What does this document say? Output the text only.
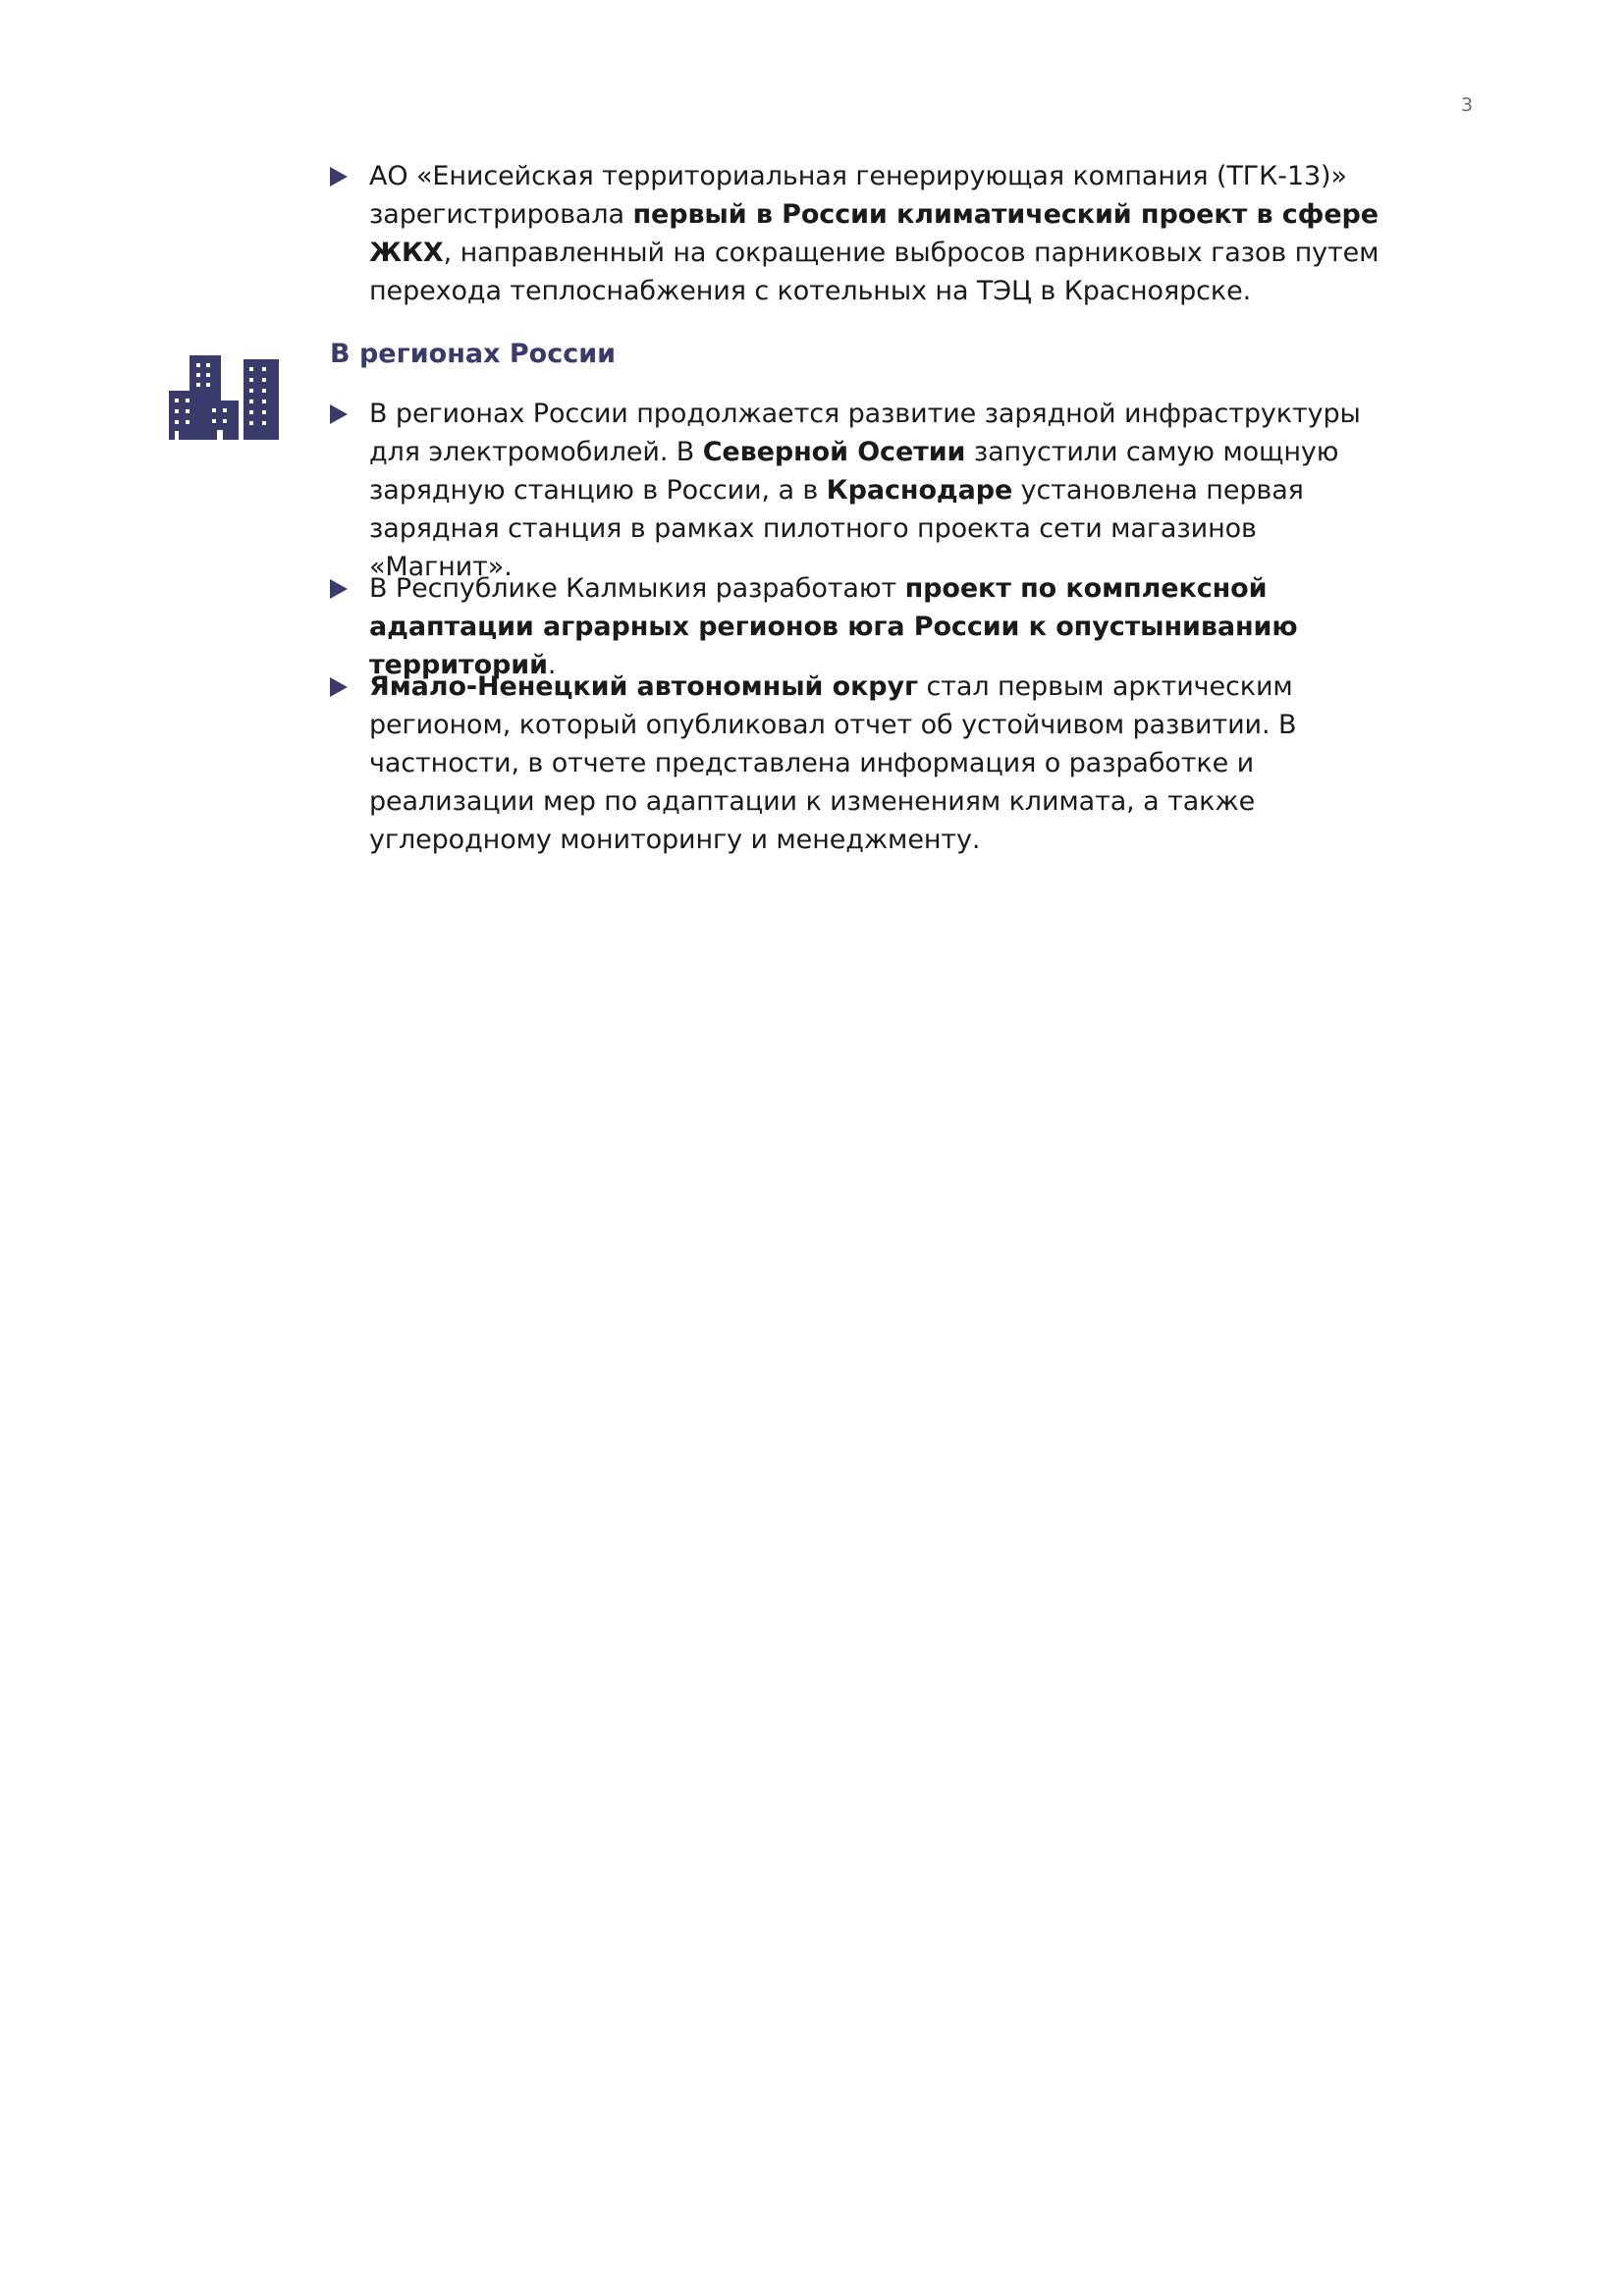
3
АО «Енисейская территориальная генерирующая компания (ТГК-13)» зарегистрировала первый в России климатический проект в сфере ЖКХ, направленный на сокращение выбросов парниковых газов путем перехода теплоснабжения с котельных на ТЭЦ в Красноярске.
В регионах России
В регионах России продолжается развитие зарядной инфраструктуры для электромобилей. В Северной Осетии запустили самую мощную зарядную станцию в России, а в Краснодаре установлена первая зарядная станция в рамках пилотного проекта сети магазинов «Магнит».
В Республике Калмыкия разработают проект по комплексной адаптации аграрных регионов юга России к опустыниванию территорий.
Ямало-Ненецкий автономный округ стал первым арктическим регионом, который опубликовал отчет об устойчивом развитии. В частности, в отчете представлена информация о разработке и реализации мер по адаптации к изменениям климата, а также углеродному мониторингу и менеджменту.
